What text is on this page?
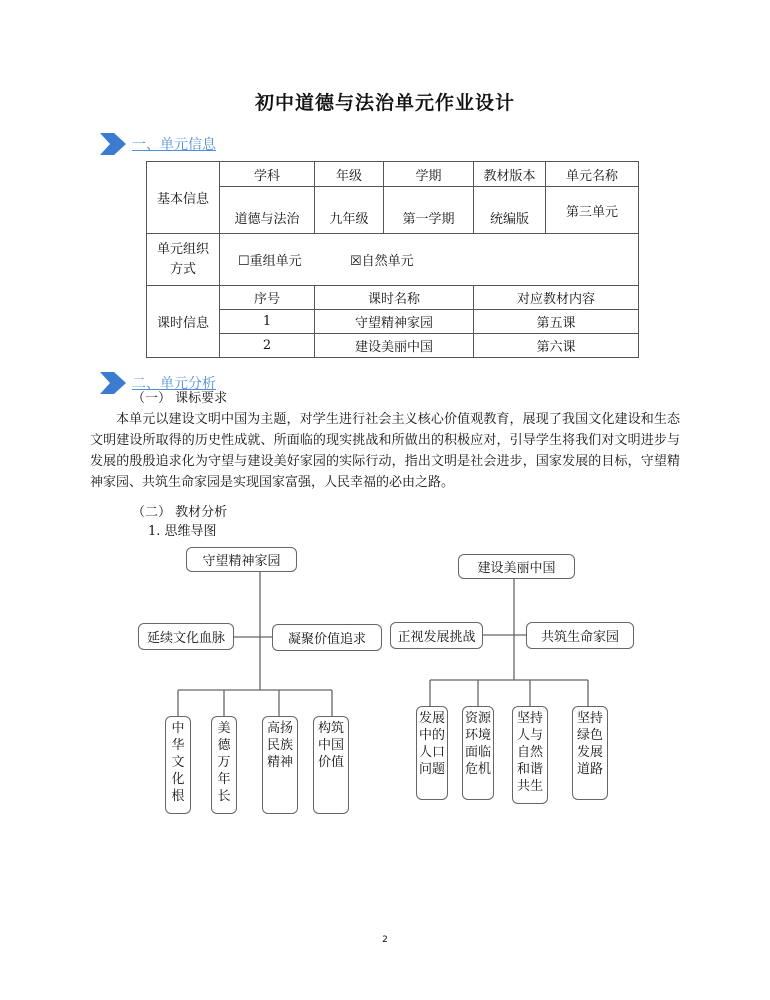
初中道德与法治单元作业设计
一、单元信息
基本信息	学科	年级	学期	教材版本	单元名称
	道德与法治	九年级	第一学期	统编版	第三单元
单元组织方式	☐重组单元 ☒自然单元				
课时信息	序号	课时名称		对应教材内容	
	1	守望精神家园		第五课	
	2	建设美丽中国		第六课	
二、单元分析
（一） 课标要求
本单元以建设文明中国为主题，对学生进行社会主义核心价值观教育，展现了我国文化建设和生态文明建设所取得的历史性成就、所面临的现实挑战和所做出的积极应对，引导学生将我们对文明进步与发展的殷殷追求化为守望与建设美好家园的实际行动，指出文明是社会进步，国家发展的目标，守望精神家园、共筑生命家园是实现国家富强，人民幸福的必由之路。
（二） 教材分析
1. 思维导图
守望精神家园
延续文化血脉	凝聚价值追求
中华文化根
美德万年长
高扬民族精神
构筑中国价值
建设美丽中国
正视发展挑战	共筑生命家园
发展中的人口问题
资源环境面临危机
坚持人与自然和谐共生
坚持绿色发展道路
2
